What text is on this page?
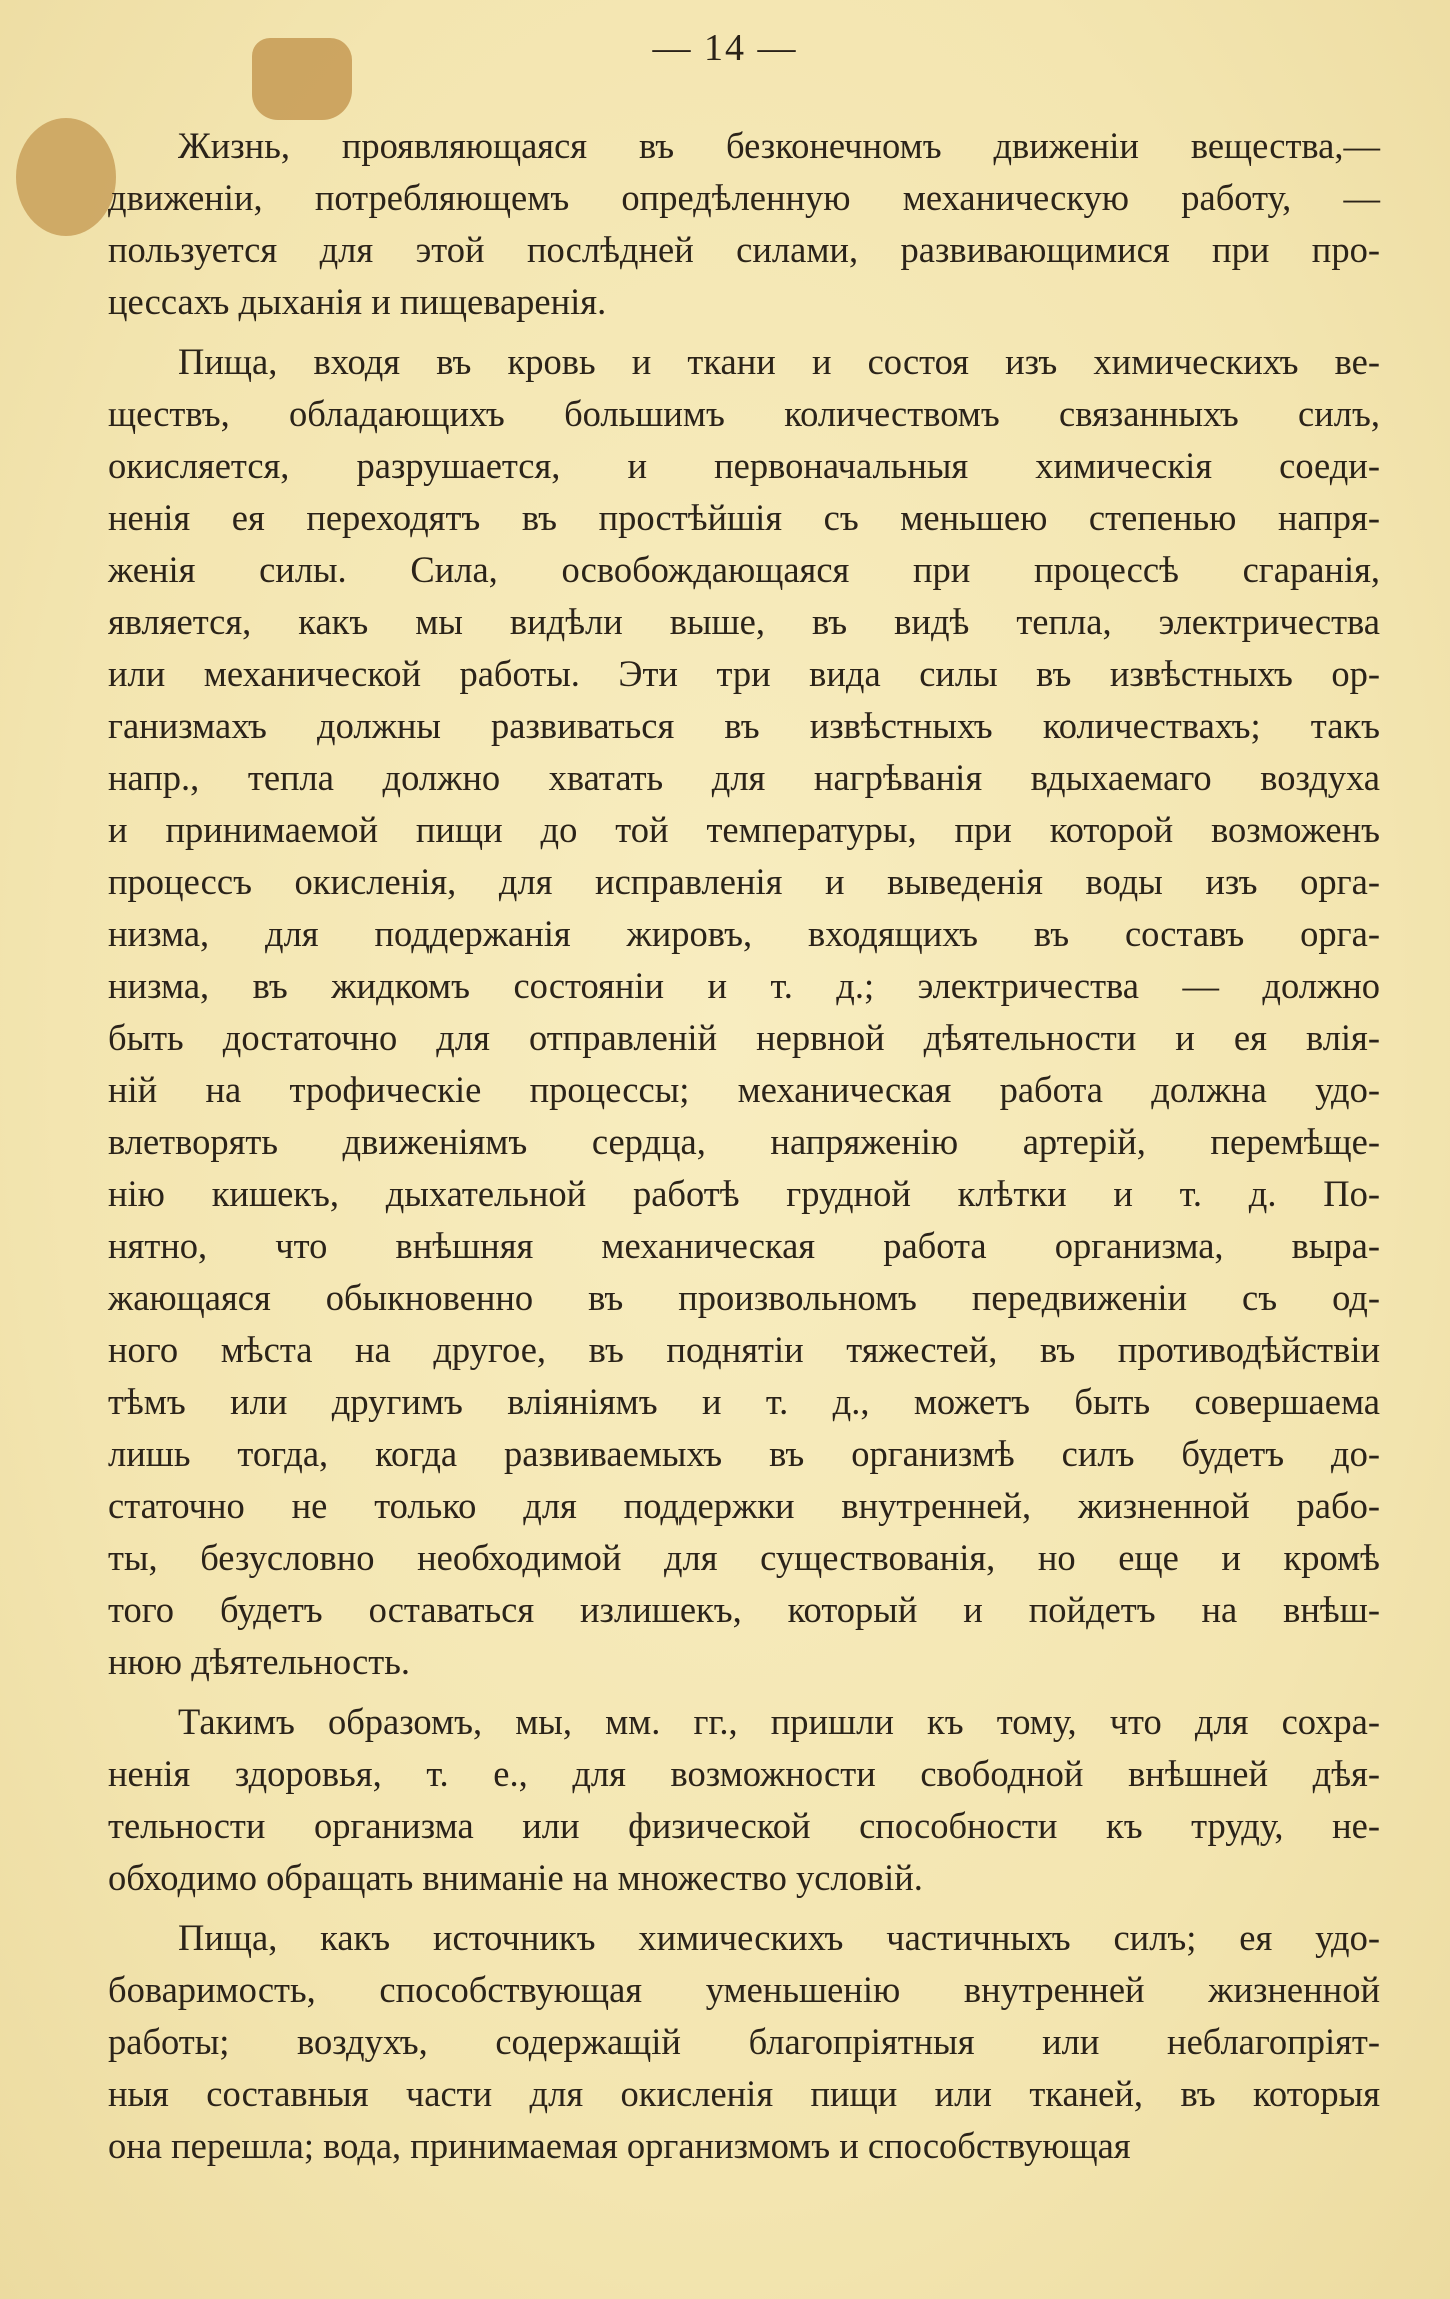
— 14 —
Жизнь, проявляющаяся въ безконечномъ движенiи вещества,—
движенiи, потребляющемъ опредѣленную механическую работу, —
пользуется для этой послѣдней силами, развивающимися при про-
цессахъ дыханiя и пищеваренiя.
Пища, входя въ кровь и ткани и состоя изъ химическихъ ве-
ществъ, обладающихъ большимъ количествомъ связанныхъ силъ,
окисляется, разрушается, и первоначальныя химическiя соеди-
ненiя ея переходятъ въ простѣйшiя съ меньшею степенью напря-
женiя силы. Сила, освобождающаяся при процессѣ сгаранiя,
является, какъ мы видѣли выше, въ видѣ тепла, электричества
или механической работы. Эти три вида силы въ извѣстныхъ ор-
ганизмахъ должны развиваться въ извѣстныхъ количествахъ; такъ
напр., тепла должно хватать для нагрѣванiя вдыхаемаго воздуха
и принимаемой пищи до той температуры, при которой возможенъ
процессъ окисленiя, для исправленiя и выведенiя воды изъ орга-
низма, для поддержанiя жировъ, входящихъ въ составъ орга-
низма, въ жидкомъ состоянiи и т. д.; электричества — должно
быть достаточно для отправленiй нервной дѣятельности и ея влiя-
нiй на трофическiе процессы; механическая работа должна удо-
влетворять движенiямъ сердца, напряженiю артерiй, перемѣще-
нiю кишекъ, дыхательной работѣ грудной клѣтки и т. д. По-
нятно, что внѣшняя механическая работа организма, выра-
жающаяся обыкновенно въ произвольномъ передвиженiи съ од-
ного мѣста на другое, въ поднятiи тяжестей, въ противодѣйствiи
тѣмъ или другимъ влiянiямъ и т. д., можетъ быть совершаема
лишь тогда, когда развиваемыхъ въ организмѣ силъ будетъ до-
статочно не только для поддержки внутренней, жизненной рабо-
ты, безусловно необходимой для существованiя, но еще и кромѣ
того будетъ оставаться излишекъ, который и пойдетъ на внѣш-
нюю дѣятельность.
Такимъ образомъ, мы, мм. гг., пришли къ тому, что для сохра-
ненiя здоровья, т. е., для возможности свободной внѣшней дѣя-
тельности организма или физической способности къ труду, не-
обходимо обращать вниманiе на множество условiй.
Пища, какъ источникъ химическихъ частичныхъ силъ; ея удо-
боваримость, способствующая уменьшенiю внутренней жизненной
работы; воздухъ, содержащiй благопрiятныя или неблагопрiят-
ныя составныя части для окисленiя пищи или тканей, въ которыя
она перешла; вода, принимаемая организмомъ и способствующая
